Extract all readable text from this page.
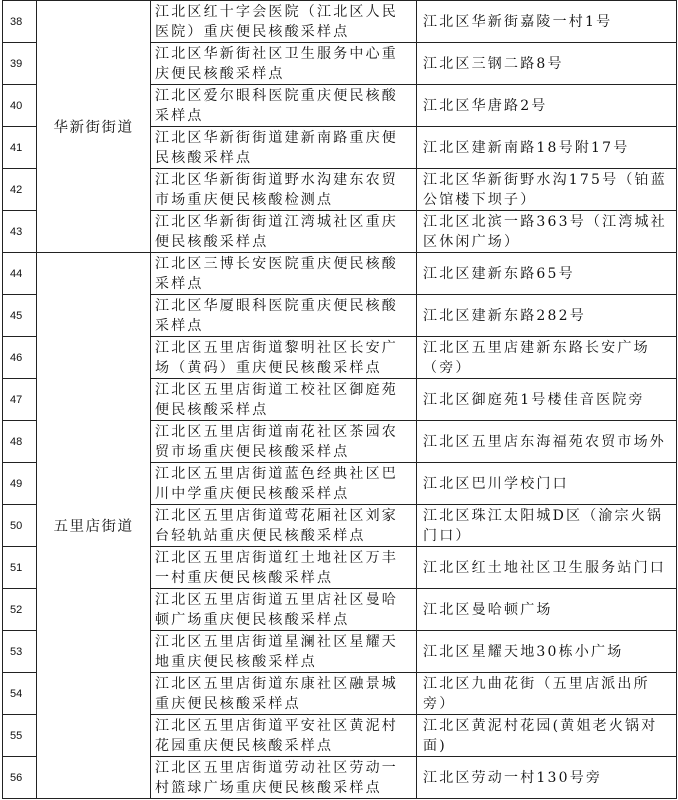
38	华新街街道	江北区红十字会医院（江北区人民医院）重庆便民核酸采样点	江北区华新街嘉陵一村1号
39		江北区华新街社区卫生服务中心重庆便民核酸采样点	江北区三钢二路8号
40		江北区爱尔眼科医院重庆便民核酸采样点	江北区华唐路2号
41		江北区华新街街道建新南路重庆便民核酸采样点	江北区建新南路18号附17号
42		江北区华新街街道野水沟建东农贸市场重庆便民核酸检测点	江北区华新街野水沟175号（铂蓝公馆楼下坝子）
43		江北区华新街街道江湾城社区重庆便民核酸采样点	江北区北滨一路363号（江湾城社区休闲广场）
44	五里店街道	江北区三博长安医院重庆便民核酸采样点	江北区建新东路65号
45		江北区华厦眼科医院重庆便民核酸采样点	江北区建新东路282号
46		江北区五里店街道黎明社区长安广场（黄码）重庆便民核酸采样点	江北区五里店建新东路长安广场（旁）
47		江北区五里店街道工校社区御庭苑便民核酸采样点	江北区御庭苑1号楼佳音医院旁
48		江北区五里店街道南花社区茶园农贸市场重庆便民核酸采样点	江北区五里店东海福苑农贸市场外
49		江北区五里店街道蓝色经典社区巴川中学重庆便民核酸采样点	江北区巴川学校门口
50		江北区五里店街道莺花厢社区刘家台轻轨站重庆便民核酸采样点	江北区珠江太阳城D区（渝宗火锅门口）
51		江北区五里店街道红土地社区万丰一村重庆便民核酸采样点	江北区红土地社区卫生服务站门口
52		江北区五里店街道五里店社区曼哈顿广场重庆便民核酸采样点	江北区曼哈顿广场
53		江北区五里店街道星澜社区星耀天地重庆便民核酸采样点	江北区星耀天地30栋小广场
54		江北区五里店街道东康社区融景城重庆便民核酸采样点	江北区九曲花街（五里店派出所旁）
55		江北区五里店街道平安社区黄泥村花园重庆便民核酸采样点	江北区黄泥村花园(黄姐老火锅对面)
56		江北区五里店街道劳动社区劳动一村篮球广场重庆便民核酸采样点	江北区劳动一村130号旁
